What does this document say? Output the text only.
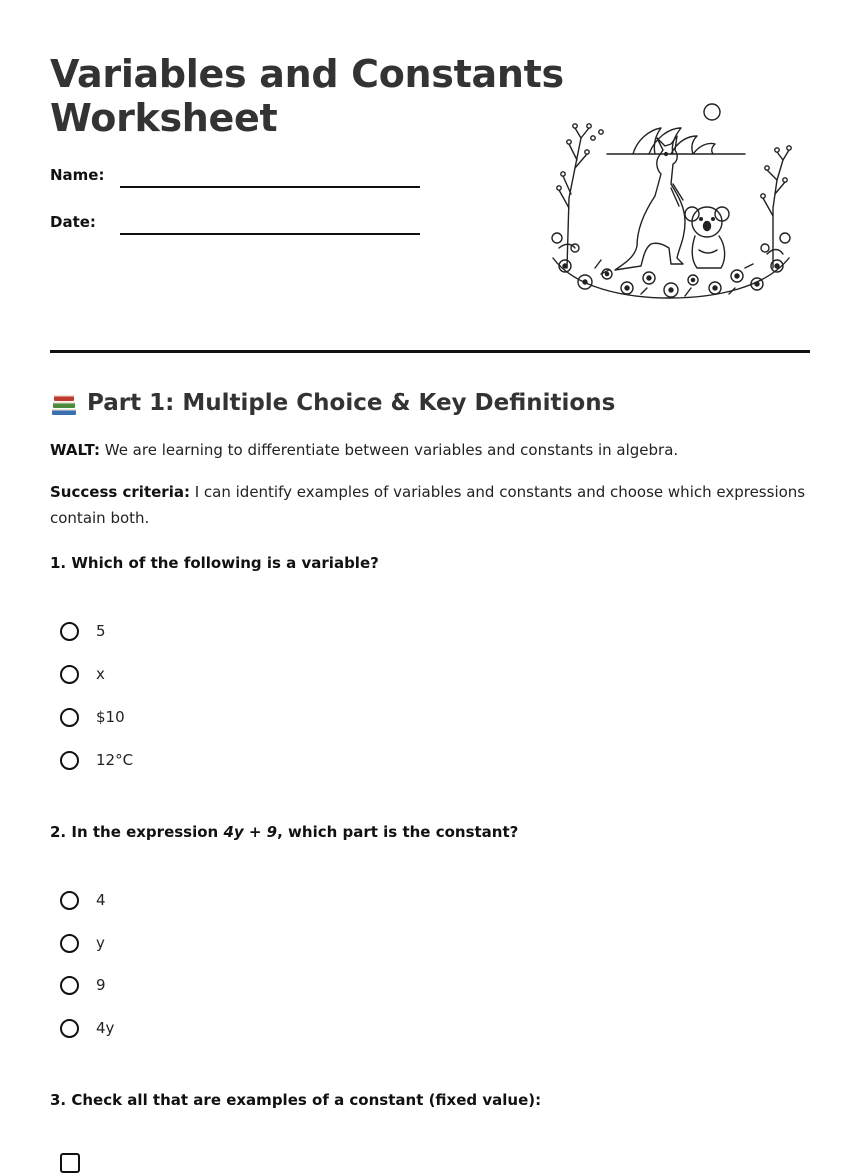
Variables and Constants
Worksheet
Name:
Date:
Part 1: Multiple Choice & Key Definitions

WALT: We are learning to differentiate between variables and constants in algebra.

Success criteria: I can identify examples of variables and constants and choose which expressions contain both.

1. Which of the following is a variable?

5
x
$10
12°C

2. In the expression 4y + 9, which part is the constant?

4
y
9
4y

3. Check all that are examples of a constant (fixed value):
